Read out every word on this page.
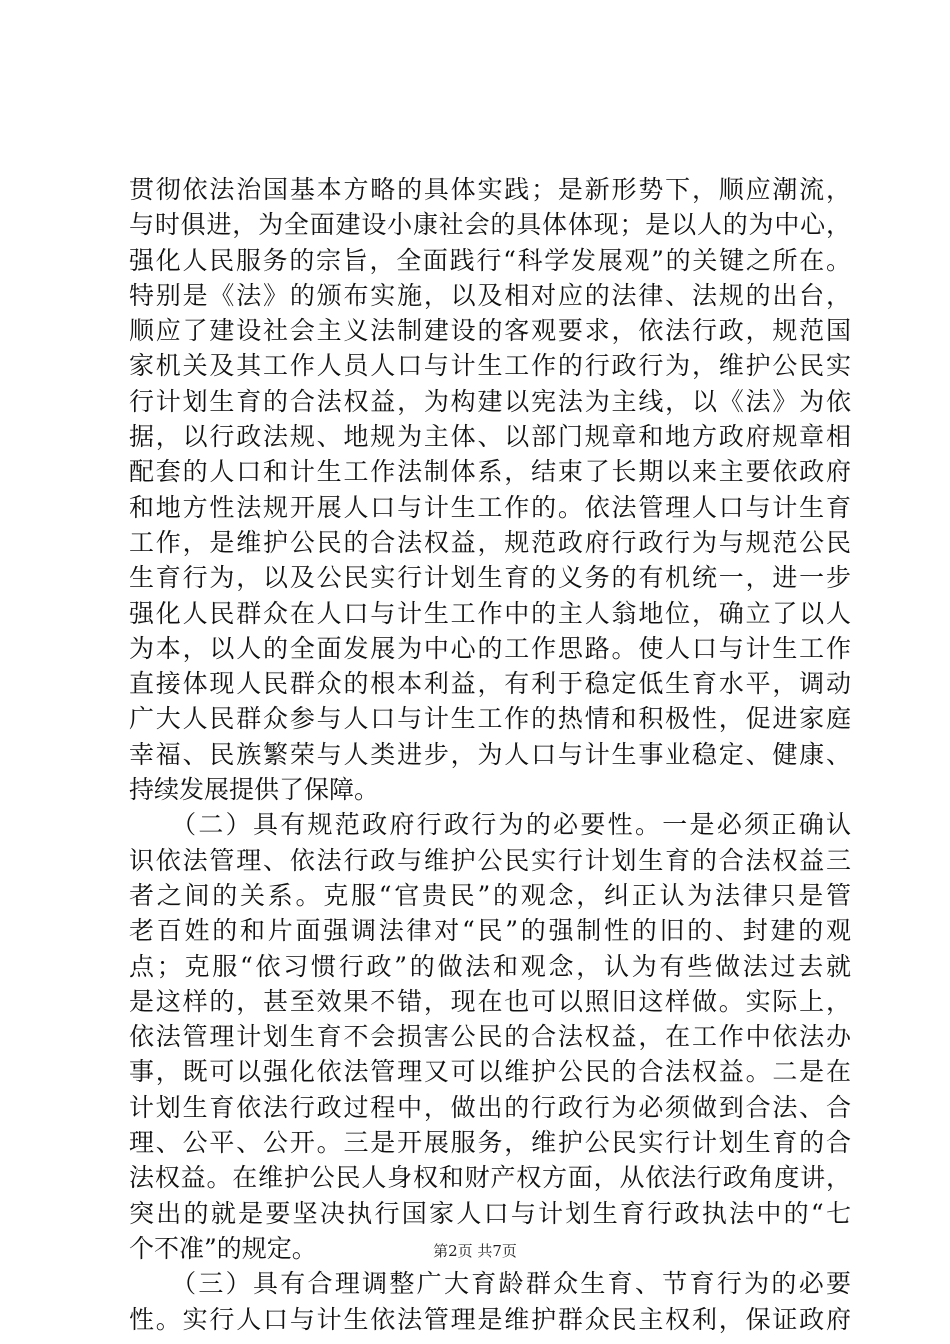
贯彻依法治国基本方略的具体实践；是新形势下，顺应潮流，
与时俱进，为全面建设小康社会的具体体现；是以人的为中心，
强化人民服务的宗旨，全面践行“科学发展观”的关键之所在。
特别是《法》的颁布实施，以及相对应的法律、法规的出台，
顺应了建设社会主义法制建设的客观要求，依法行政，规范国
家机关及其工作人员人口与计生工作的行政行为，维护公民实
行计划生育的合法权益，为构建以宪法为主线，以《法》为依
据，以行政法规、地规为主体、以部门规章和地方政府规章相
配套的人口和计生工作法制体系，结束了长期以来主要依政府
和地方性法规开展人口与计生工作的。依法管理人口与计生育
工作，是维护公民的合法权益，规范政府行政行为与规范公民
生育行为，以及公民实行计划生育的义务的有机统一，进一步
强化人民群众在人口与计生工作中的主人翁地位，确立了以人
为本，以人的全面发展为中心的工作思路。使人口与计生工作
直接体现人民群众的根本利益，有利于稳定低生育水平，调动
广大人民群众参与人口与计生工作的热情和积极性，促进家庭
幸福、民族繁荣与人类进步，为人口与计生事业稳定、健康、
持续发展提供了保障。
　　（二）具有规范政府行政行为的必要性。一是必须正确认
识依法管理、依法行政与维护公民实行计划生育的合法权益三
者之间的关系。克服“官贵民”的观念，纠正认为法律只是管
老百姓的和片面强调法律对“民”的强制性的旧的、封建的观
点；克服“依习惯行政”的做法和观念，认为有些做法过去就
是这样的，甚至效果不错，现在也可以照旧这样做。实际上，
依法管理计划生育不会损害公民的合法权益，在工作中依法办
事，既可以强化依法管理又可以维护公民的合法权益。二是在
计划生育依法行政过程中，做出的行政行为必须做到合法、合
理、公平、公开。三是开展服务，维护公民实行计划生育的合
法权益。在维护公民人身权和财产权方面，从依法行政角度讲，
突出的就是要坚决执行国家人口与计划生育行政执法中的“七
个不准”的规定。
　　（三）具有合理调整广大育龄群众生育、节育行为的必要
性。实行人口与计生依法管理是维护群众民主权利，保证政府
第2页 共7页
